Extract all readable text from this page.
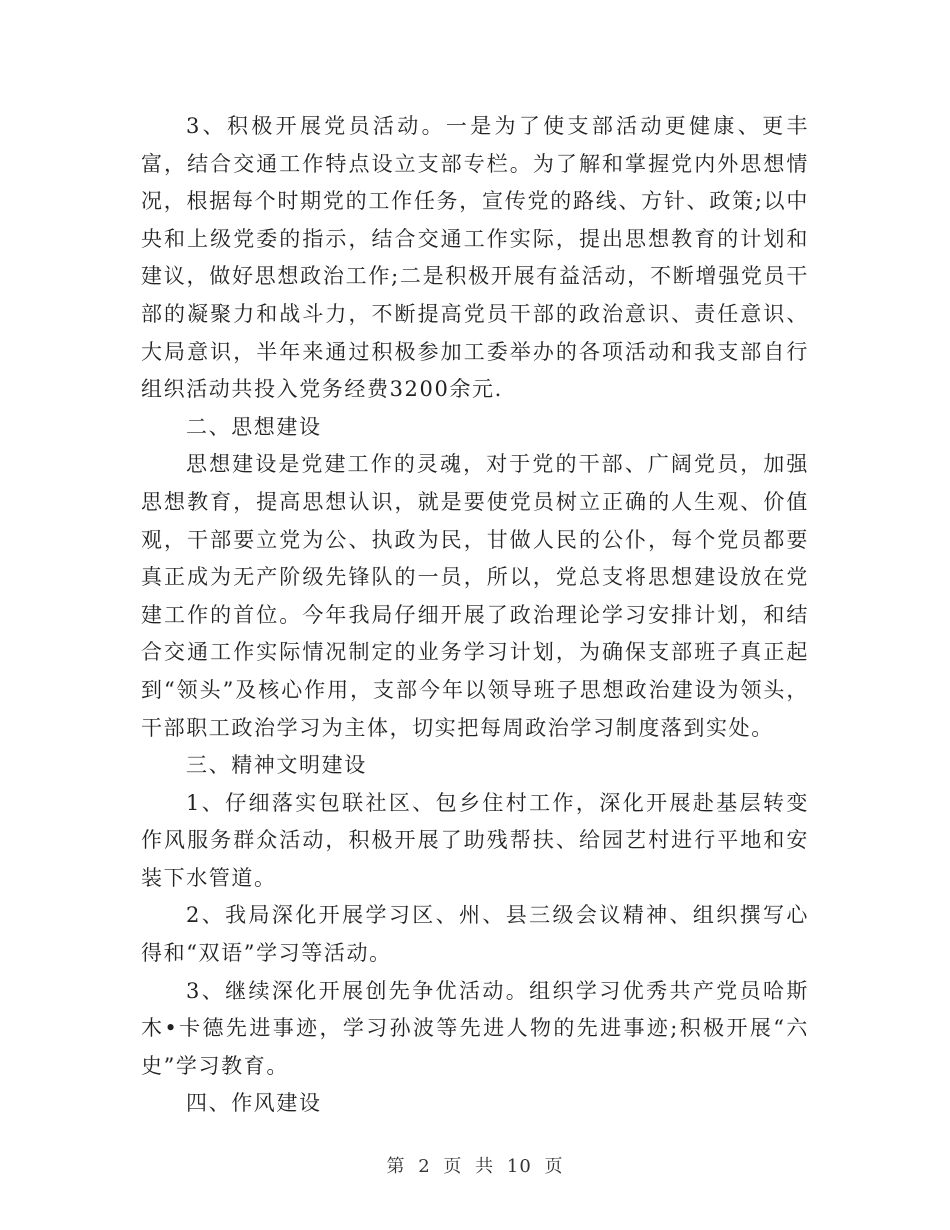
3、积极开展党员活动。一是为了使支部活动更健康、更丰富，结合交通工作特点设立支部专栏。为了解和掌握党内外思想情况，根据每个时期党的工作任务，宣传党的路线、方针、政策;以中央和上级党委的指示，结合交通工作实际，提出思想教育的计划和建议，做好思想政治工作;二是积极开展有益活动，不断增强党员干部的凝聚力和战斗力，不断提高党员干部的政治意识、责任意识、大局意识，半年来通过积极参加工委举办的各项活动和我支部自行组织活动共投入党务经费3200余元.

二、思想建设

思想建设是党建工作的灵魂，对于党的干部、广阔党员，加强思想教育，提高思想认识，就是要使党员树立正确的人生观、价值观，干部要立党为公、执政为民，甘做人民的公仆，每个党员都要真正成为无产阶级先锋队的一员，所以，党总支将思想建设放在党建工作的首位。今年我局仔细开展了政治理论学习安排计划，和结合交通工作实际情况制定的业务学习计划，为确保支部班子真正起到“领头”及核心作用，支部今年以领导班子思想政治建设为领头，干部职工政治学习为主体，切实把每周政治学习制度落到实处。

三、精神文明建设

1、仔细落实包联社区、包乡住村工作，深化开展赴基层转变作风服务群众活动，积极开展了助残帮扶、给园艺村进行平地和安装下水管道。

2、我局深化开展学习区、州、县三级会议精神、组织撰写心得和“双语”学习等活动。

3、继续深化开展创先争优活动。组织学习优秀共产党员哈斯木•卡德先进事迹，学习孙波等先进人物的先进事迹;积极开展“六史”学习教育。

四、作风建设

第 2 页 共 10 页
